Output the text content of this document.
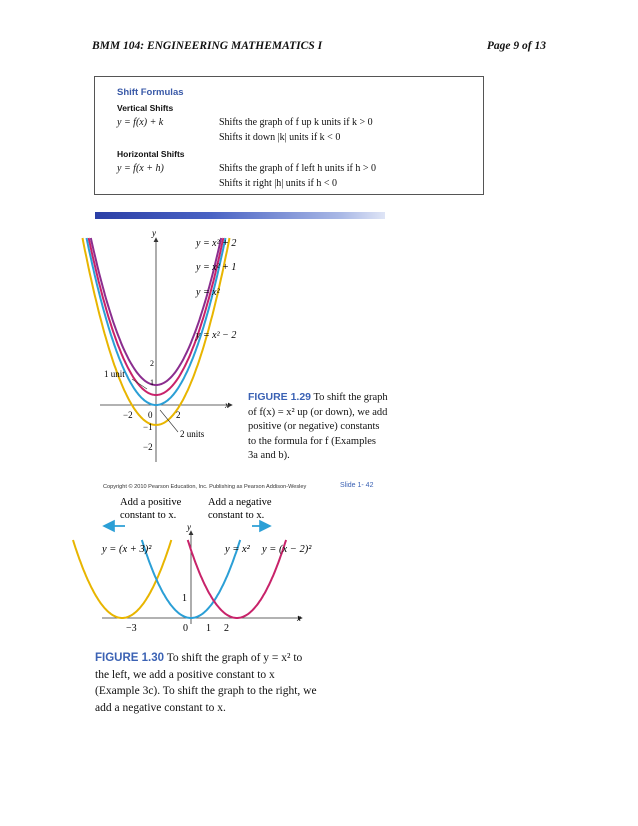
BMM 104: ENGINEERING MATHEMATICS I	Page 9 of 13
Shift Formulas
Vertical Shifts
y = f(x) + k	Shifts the graph of f up k units if k > 0
Shifts it down |k| units if k < 0
Horizontal Shifts
y = f(x + h)	Shifts the graph of f left h units if h > 0
Shifts it right |h| units if h < 0
y
x
−2 0	2
−1
−2
1
2
1 unit
2 units
y = x² + 2
y = x² + 1
y = x²
y = x² − 2
FIGURE 1.29 To shift the graph of f(x) = x² up (or down), we add positive (or negative) constants to the formula for f (Examples 3a and b).
Copyright © 2010 Pearson Education, Inc. Publishing as Pearson Addison-Wesley	Slide 1- 42
Add a positive
constant to x.
Add a negative
constant to x.
y
x
−3	0 1 2
1
y = (x + 3)²	y = x² y = (x − 2)²
FIGURE 1.30 To shift the graph of y = x² to the left, we add a positive constant to x (Example 3c). To shift the graph to the right, we add a negative constant to x.
